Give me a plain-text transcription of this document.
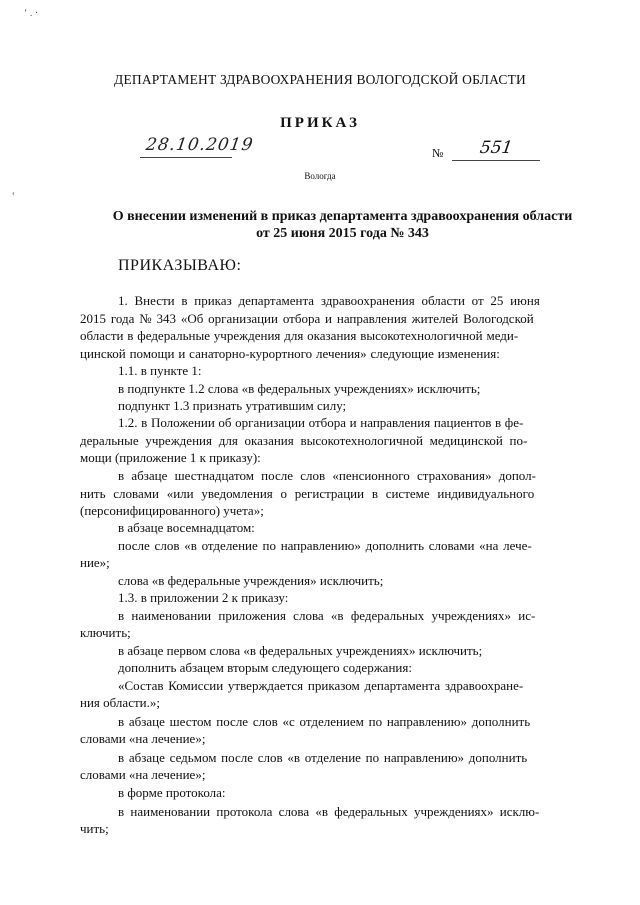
‘ . ·
‹
ДЕПАРТАМЕНТ ЗДРАВООХРАНЕНИЯ ВОЛОГОДСКОЙ ОБЛАСТИ
ПРИКАЗ
28.10.2019	№ 551
Вологда
О внесении изменений в приказ департамента здравоохранения области
от 25 июня 2015 года № 343
ПРИКАЗЫВАЮ:
1. Внести в приказ департамента здравоохранения области от 25 июня
2015 года № 343 «Об организации отбора и направления жителей Вологодской
области в федеральные учреждения для оказания высокотехнологичной меди-
цинской помощи и санаторно-курортного лечения» следующие изменения:
1.1. в пункте 1:
в подпункте 1.2 слова «в федеральных учреждениях» исключить;
подпункт 1.3 признать утратившим силу;
1.2. в Положении об организации отбора и направления пациентов в фе-
деральные учреждения для оказания высокотехнологичной медицинской по-
мощи (приложение 1 к приказу):
в абзаце шестнадцатом после слов «пенсионного страхования» допол-
нить словами «или уведомления о регистрации в системе индивидуального
(персонифицированного) учета»;
в абзаце восемнадцатом:
после слов «в отделение по направлению» дополнить словами «на лече-
ние»;
слова «в федеральные учреждения» исключить;
1.3. в приложении 2 к приказу:
в наименовании приложения слова «в федеральных учреждениях» ис-
ключить;
в абзаце первом слова «в федеральных учреждениях» исключить;
дополнить абзацем вторым следующего содержания:
«Состав Комиссии утверждается приказом департамента здравоохране-
ния области.»;
в абзаце шестом после слов «с отделением по направлению» дополнить
словами «на лечение»;
в абзаце седьмом после слов «в отделение по направлению» дополнить
словами «на лечение»;
в форме протокола:
в наименовании протокола слова «в федеральных учреждениях» исклю-
чить;
